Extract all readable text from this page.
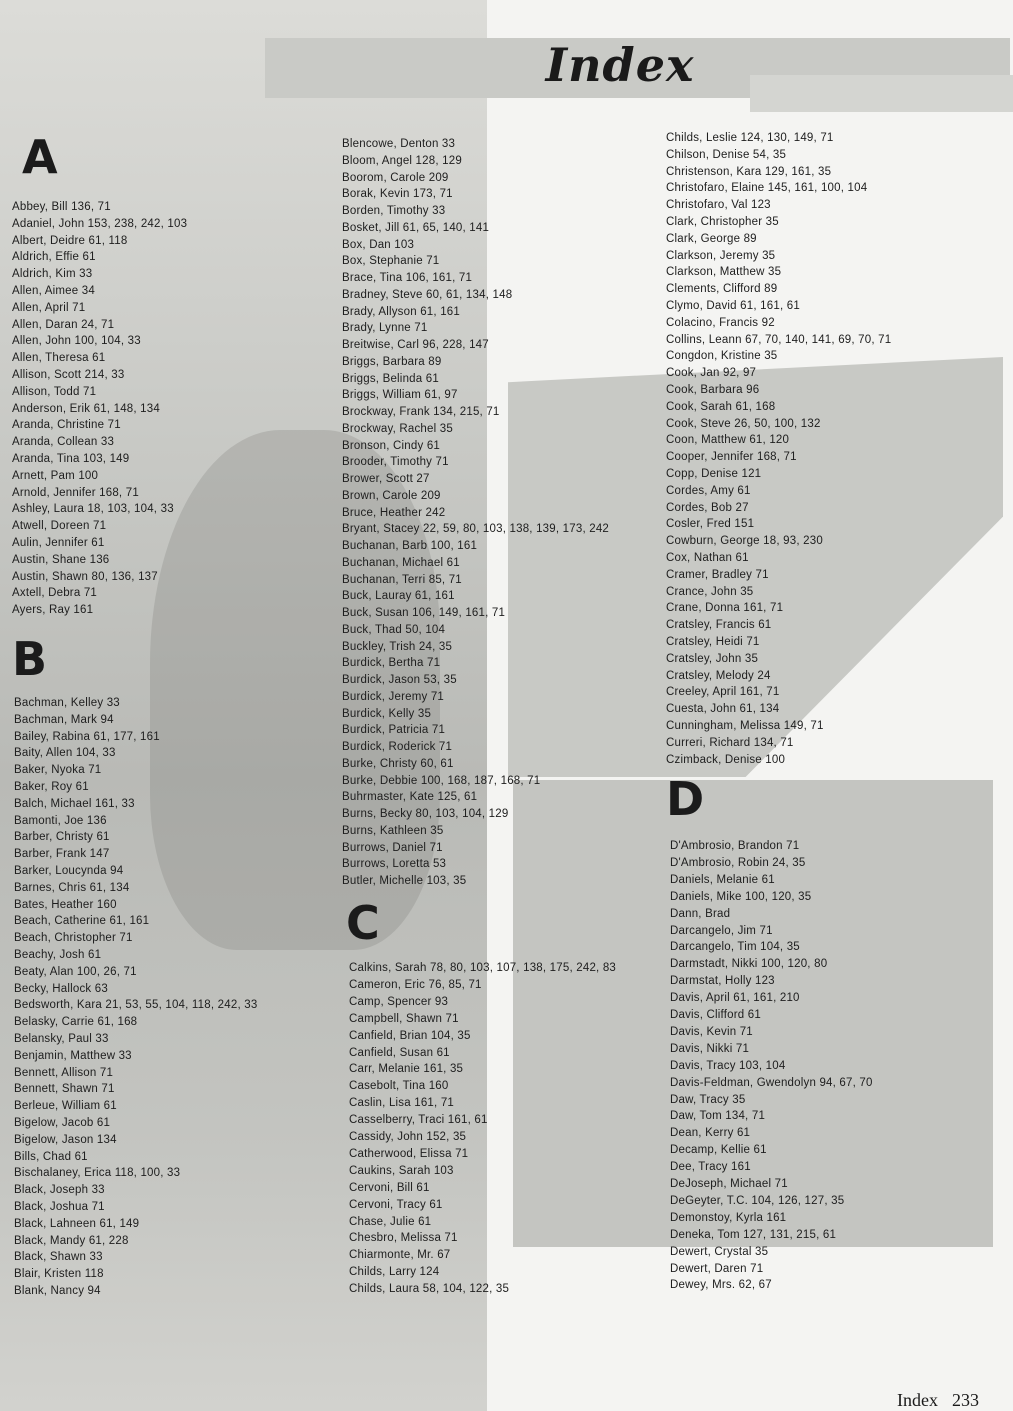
Index
A
Abbey, Bill 136, 71
Adaniel, John 153, 238, 242, 103
Albert, Deidre 61, 118
Aldrich, Effie 61
Aldrich, Kim 33
Allen, Aimee 34
Allen, April 71
Allen, Daran 24, 71
Allen, John 100, 104, 33
Allen, Theresa 61
Allison, Scott 214, 33
Allison, Todd 71
Anderson, Erik 61, 148, 134
Aranda, Christine 71
Aranda, Collean 33
Aranda, Tina 103, 149
Arnett, Pam 100
Arnold, Jennifer 168, 71
Ashley, Laura 18, 103, 104, 33
Atwell, Doreen 71
Aulin, Jennifer 61
Austin, Shane 136
Austin, Shawn 80, 136, 137
Axtell, Debra 71
Ayers, Ray 161
B
Bachman, Kelley 33
Bachman, Mark 94
Bailey, Rabina 61, 177, 161
Baity, Allen 104, 33
Baker, Nyoka 71
Baker, Roy 61
Balch, Michael 161, 33
Bamonti, Joe 136
Barber, Christy 61
Barber, Frank 147
Barker, Loucynda 94
Barnes, Chris 61, 134
Bates, Heather 160
Beach, Catherine 61, 161
Beach, Christopher 71
Beachy, Josh 61
Beaty, Alan 100, 26, 71
Becky, Hallock 63
Bedsworth, Kara 21, 53, 55, 104, 118, 242, 33
Belasky, Carrie 61, 168
Belansky, Paul 33
Benjamin, Matthew 33
Bennett, Allison 71
Bennett, Shawn 71
Berleue, William 61
Bigelow, Jacob 61
Bigelow, Jason 134
Bills, Chad 61
Bischalaney, Erica 118, 100, 33
Black, Joseph 33
Black, Joshua 71
Black, Lahneen 61, 149
Black, Mandy 61, 228
Black, Shawn 33
Blair, Kristen 118
Blank, Nancy 94
Blencowe, Denton 33
Bloom, Angel 128, 129
Boorom, Carole 209
Borak, Kevin 173, 71
Borden, Timothy 33
Bosket, Jill 61, 65, 140, 141
Box, Dan 103
Box, Stephanie 71
Brace, Tina 106, 161, 71
Bradney, Steve 60, 61, 134, 148
Brady, Allyson 61, 161
Brady, Lynne 71
Breitwise, Carl 96, 228, 147
Briggs, Barbara 89
Briggs, Belinda 61
Briggs, William 61, 97
Brockway, Frank 134, 215, 71
Brockway, Rachel 35
Bronson, Cindy 61
Brooder, Timothy 71
Brower, Scott 27
Brown, Carole 209
Bruce, Heather 242
Bryant, Stacey 22, 59, 80, 103, 138, 139, 173, 242
Buchanan, Barb 100, 161
Buchanan, Michael 61
Buchanan, Terri 85, 71
Buck, Lauray 61, 161
Buck, Susan 106, 149, 161, 71
Buck, Thad 50, 104
Buckley, Trish 24, 35
Burdick, Bertha 71
Burdick, Jason 53, 35
Burdick, Jeremy 71
Burdick, Kelly 35
Burdick, Patricia 71
Burdick, Roderick 71
Burke, Christy 60, 61
Burke, Debbie 100, 168, 187, 168, 71
Buhrmaster, Kate 125, 61
Burns, Becky 80, 103, 104, 129
Burns, Kathleen 35
Burrows, Daniel 71
Burrows, Loretta 53
Butler, Michelle 103, 35
C
Calkins, Sarah 78, 80, 103, 107, 138, 175, 242, 83
Cameron, Eric 76, 85, 71
Camp, Spencer 93
Campbell, Shawn 71
Canfield, Brian 104, 35
Canfield, Susan 61
Carr, Melanie 161, 35
Casebolt, Tina 160
Caslin, Lisa 161, 71
Casselberry, Traci 161, 61
Cassidy, John 152, 35
Catherwood, Elissa 71
Caukins, Sarah 103
Cervoni, Bill 61
Cervoni, Tracy 61
Chase, Julie 61
Chesbro, Melissa 71
Chiarmonte, Mr. 67
Childs, Larry 124
Childs, Laura 58, 104, 122, 35
Childs, Leslie 124, 130, 149, 71
Chilson, Denise 54, 35
Christenson, Kara 129, 161, 35
Christofaro, Elaine 145, 161, 100, 104
Christofaro, Val 123
Clark, Christopher 35
Clark, George 89
Clarkson, Jeremy 35
Clarkson, Matthew 35
Clements, Clifford 89
Clymo, David 61, 161, 61
Colacino, Francis 92
Collins, Leann 67, 70, 140, 141, 69, 70, 71
Congdon, Kristine 35
Cook, Jan 92, 97
Cook, Barbara 96
Cook, Sarah 61, 168
Cook, Steve 26, 50, 100, 132
Coon, Matthew 61, 120
Cooper, Jennifer 168, 71
Copp, Denise 121
Cordes, Amy 61
Cordes, Bob 27
Cosler, Fred 151
Cowburn, George 18, 93, 230
Cox, Nathan 61
Cramer, Bradley 71
Crance, John 35
Crane, Donna 161, 71
Cratsley, Francis 61
Cratsley, Heidi 71
Cratsley, John 35
Cratsley, Melody 24
Creeley, April 161, 71
Cuesta, John 61, 134
Cunningham, Melissa 149, 71
Curreri, Richard 134, 71
Czimback, Denise 100
D
D'Ambrosio, Brandon 71
D'Ambrosio, Robin 24, 35
Daniels, Melanie 61
Daniels, Mike 100, 120, 35
Dann, Brad
Darcangelo, Jim 71
Darcangelo, Tim 104, 35
Darmstadt, Nikki 100, 120, 80
Darmstat, Holly 123
Davis, April 61, 161, 210
Davis, Clifford 61
Davis, Kevin 71
Davis, Nikki 71
Davis, Tracy 103, 104
Davis-Feldman, Gwendolyn 94, 67, 70
Daw, Tracy 35
Daw, Tom 134, 71
Dean, Kerry 61
Decamp, Kellie 61
Dee, Tracy 161
DeJoseph, Michael 71
DeGeyter, T.C. 104, 126, 127, 35
Demonstoy, Kyrla 161
Deneka, Tom 127, 131, 215, 61
Dewert, Crystal 35
Dewert, Daren 71
Dewey, Mrs. 62, 67
Index 233
